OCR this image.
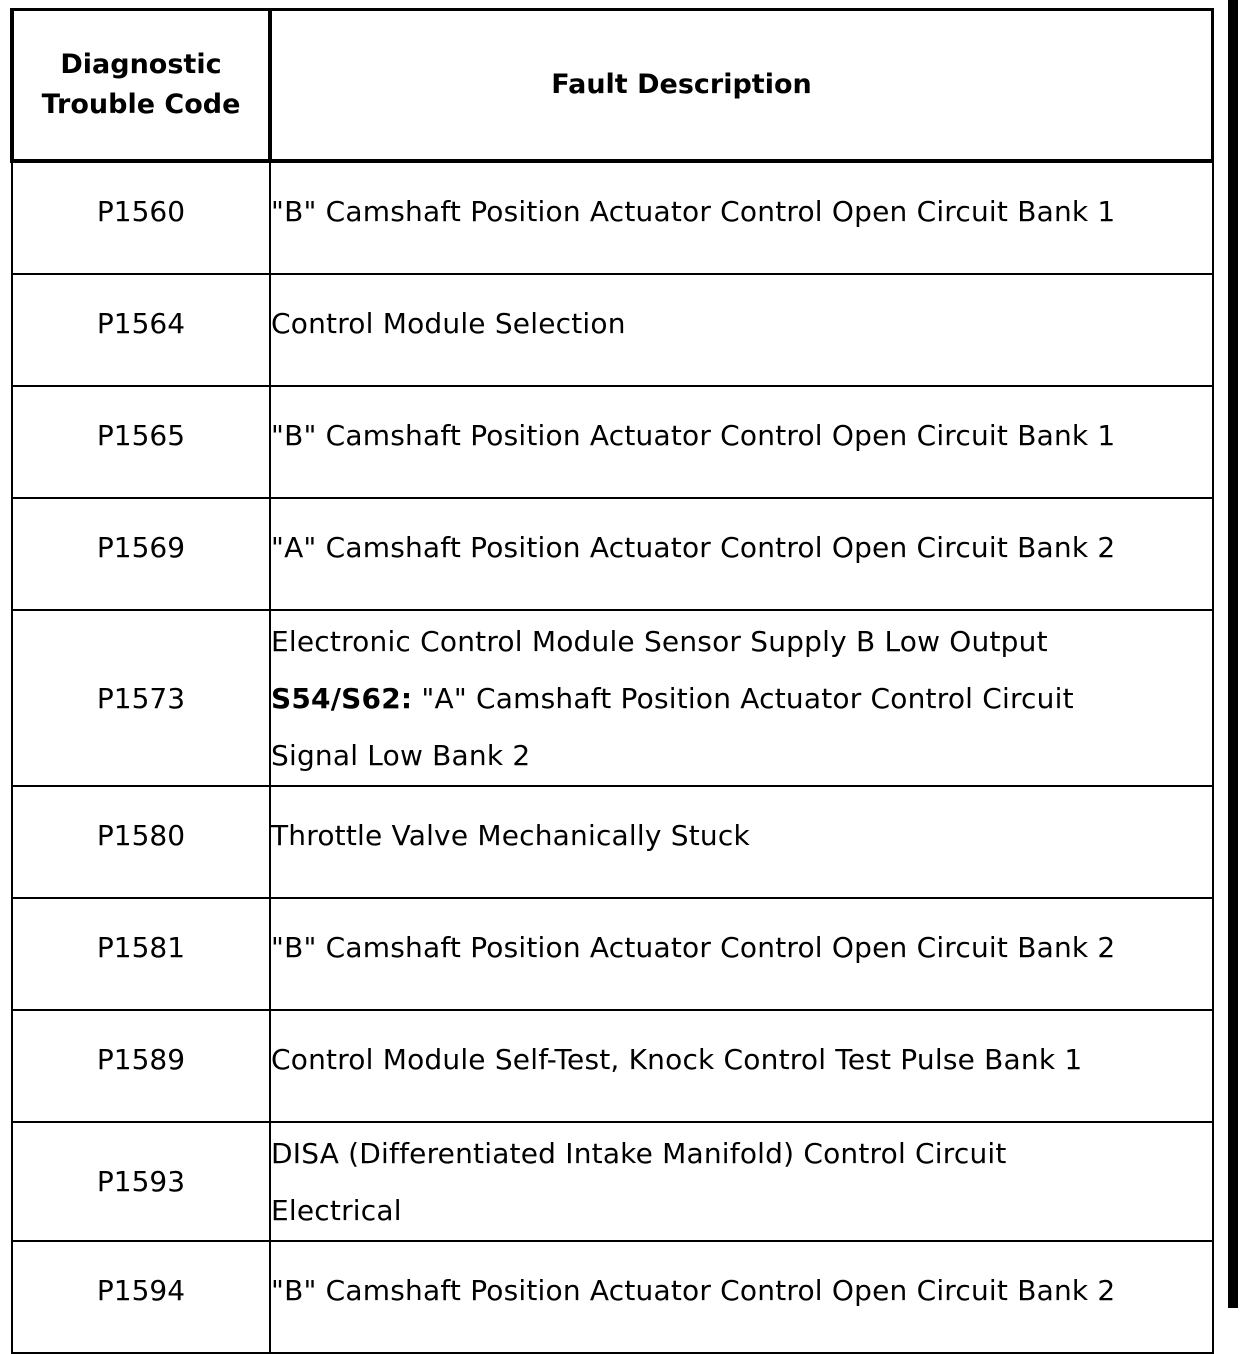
Diagnostic
Trouble Code	Fault Description
P1560	"B" Camshaft Position Actuator Control Open Circuit Bank 1

P1564	Control Module Selection

P1565	"B" Camshaft Position Actuator Control Open Circuit Bank 1

P1569	"A" Camshaft Position Actuator Control Open Circuit Bank 2

P1573	Electronic Control Module Sensor Supply B Low Output
S54/S62: "A" Camshaft Position Actuator Control Circuit
Signal Low Bank 2

P1580	Throttle Valve Mechanically Stuck

P1581	"B" Camshaft Position Actuator Control Open Circuit Bank 2

P1589	Control Module Self-Test, Knock Control Test Pulse Bank 1

P1593	DISA (Differentiated Intake Manifold) Control Circuit
Electrical

P1594	"B" Camshaft Position Actuator Control Open Circuit Bank 2
